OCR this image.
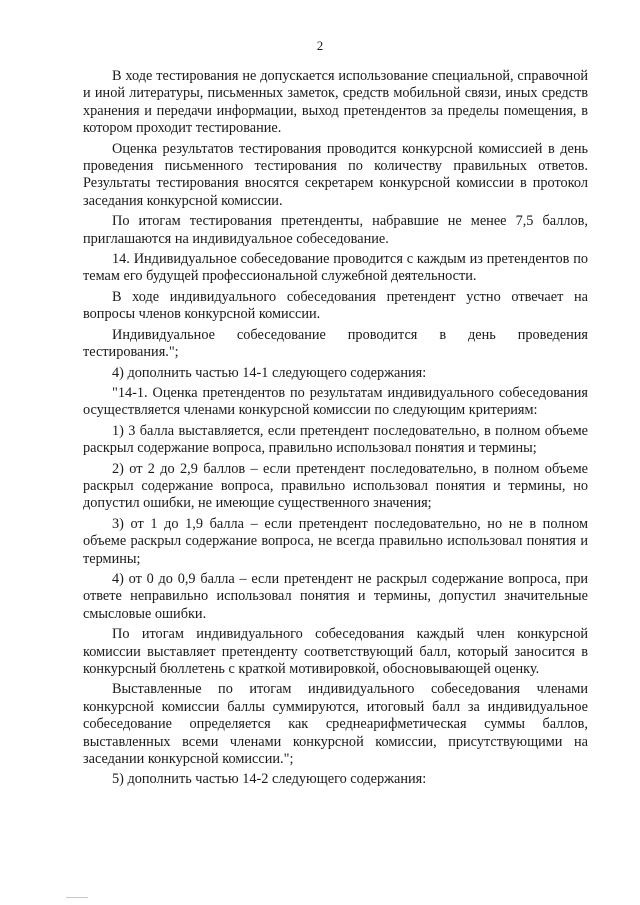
2

В ходе тестирования не допускается использование специальной, справочной и иной литературы, письменных заметок, средств мобильной связи, иных средств хранения и передачи информации, выход претендентов за пределы помещения, в котором проходит тестирование.

Оценка результатов тестирования проводится конкурсной комиссией в день проведения письменного тестирования по количеству правильных ответов. Результаты тестирования вносятся секретарем конкурсной комиссии в протокол заседания конкурсной комиссии.

По итогам тестирования претенденты, набравшие не менее 7,5 баллов, приглашаются на индивидуальное собеседование.

14. Индивидуальное собеседование проводится с каждым из претендентов по темам его будущей профессиональной служебной деятельности.

В ходе индивидуального собеседования претендент устно отвечает на вопросы членов конкурсной комиссии.

Индивидуальное собеседование проводится в день проведения тестирования.";

4) дополнить частью 14-1 следующего содержания:

"14-1. Оценка претендентов по результатам индивидуального собеседования осуществляется членами конкурсной комиссии по следующим критериям:

1) 3 балла выставляется, если претендент последовательно, в полном объеме раскрыл содержание вопроса, правильно использовал понятия и термины;

2) от 2 до 2,9 баллов – если претендент последовательно, в полном объеме раскрыл содержание вопроса, правильно использовал понятия и термины, но допустил ошибки, не имеющие существенного значения;

3) от 1 до 1,9 балла – если претендент последовательно, но не в полном объеме раскрыл содержание вопроса, не всегда правильно использовал понятия и термины;

4) от 0 до 0,9 балла – если претендент не раскрыл содержание вопроса, при ответе неправильно использовал понятия и термины, допустил значительные смысловые ошибки.

По итогам индивидуального собеседования каждый член конкурсной комиссии выставляет претенденту соответствующий балл, который заносится в конкурсный бюллетень с краткой мотивировкой, обосновывающей оценку.

Выставленные по итогам индивидуального собеседования членами конкурсной комиссии баллы суммируются, итоговый балл за индивидуальное собеседование определяется как среднеарифметическая суммы баллов, выставленных всеми членами конкурсной комиссии, присутствующими на заседании конкурсной комиссии.";

5) дополнить частью 14-2 следующего содержания:
